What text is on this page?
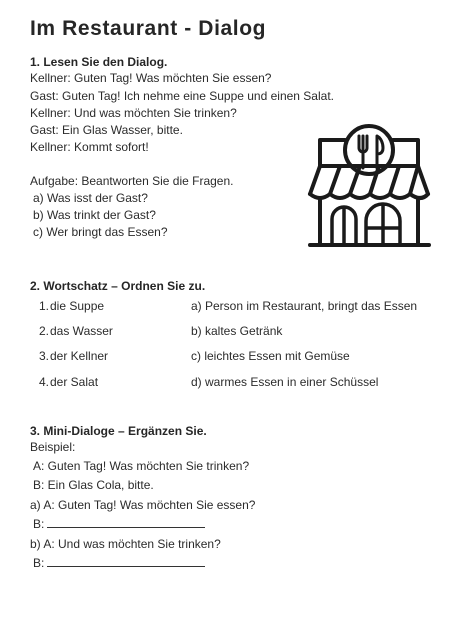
Im Restaurant - Dialog
1. Lesen Sie den Dialog.
Kellner: Guten Tag! Was möchten Sie essen?
Gast: Guten Tag! Ich nehme eine Suppe und einen Salat.
Kellner: Und was möchten Sie trinken?
Gast: Ein Glas Wasser, bitte.
Kellner: Kommt sofort!
Aufgabe: Beantworten Sie die Fragen.
a) Was isst der Gast?
b) Was trinkt der Gast?
c) Wer bringt das Essen?
2. Wortschatz – Ordnen Sie zu.
1. die Suppe	a) Person im Restaurant, bringt das Essen
2. das Wasser	b) kaltes Getränk
3. der Kellner	c) leichtes Essen mit Gemüse
4. der Salat	d) warmes Essen in einer Schüssel
3. Mini-Dialoge – Ergänzen Sie.
Beispiel:
A: Guten Tag! Was möchten Sie trinken?
B: Ein Glas Cola, bitte.
a) A: Guten Tag! Was möchten Sie essen?
B:
b) A: Und was möchten Sie trinken?
B:
